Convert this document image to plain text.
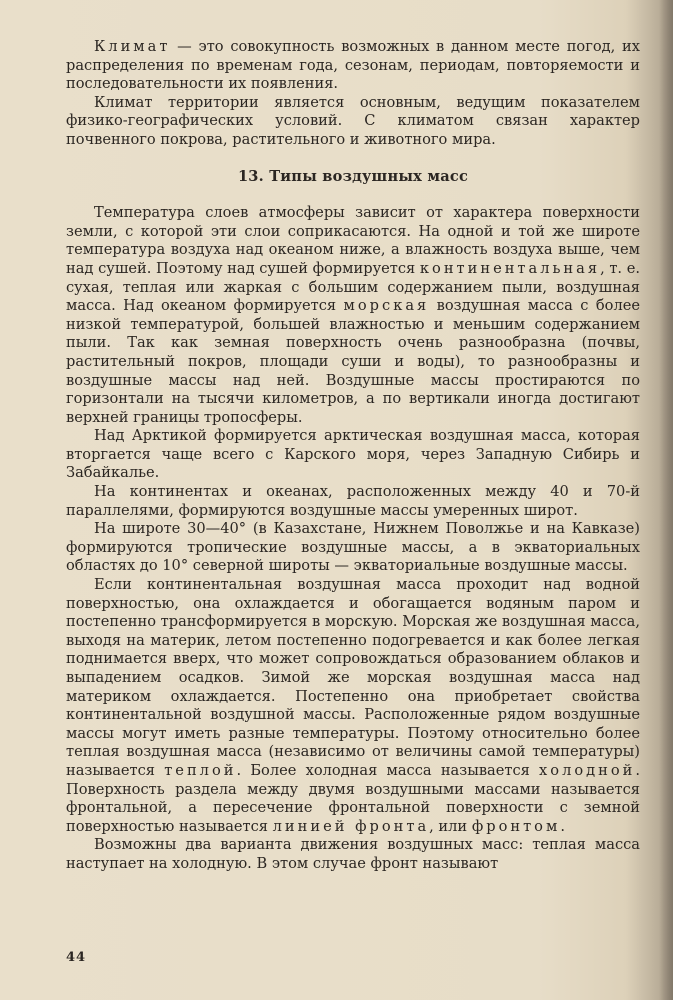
Климат — это совокупность возможных в данном месте погод, их распределения по временам года, сезонам, периодам, повторяемости и последовательности их появления.

Климат территории является основным, ведущим показателем физико-географических условий. С климатом связан характер почвенного покрова, растительного и животного мира.

13. Типы воздушных масс

Температура слоев атмосферы зависит от характера поверхности земли, с которой эти слои соприкасаются. На одной и той же широте температура воздуха над океаном ниже, а влажность воздуха выше, чем над сушей. Поэтому над сушей формируется континентальная, т. е. сухая, теплая или жаркая с большим содержанием пыли, воздушная масса. Над океаном формируется морская воздушная масса с более низкой температурой, большей влажностью и меньшим содержанием пыли. Так как земная поверхность очень разнообразна (почвы, растительный покров, площади суши и воды), то разнообразны и воздушные массы над ней. Воздушные массы простираются по горизонтали на тысячи километров, а по вертикали иногда достигают верхней границы тропосферы.

Над Арктикой формируется арктическая воздушная масса, которая вторгается чаще всего с Карского моря, через Западную Сибирь и Забайкалье.

На континентах и океанах, расположенных между 40 и 70-й параллелями, формируются воздушные массы умеренных широт.

На широте 30—40° (в Казахстане, Нижнем Поволжье и на Кавказе) формируются тропические воздушные массы, а в экваториальных областях до 10° северной широты — экваториальные воздушные массы.

Если континентальная воздушная масса проходит над водной поверхностью, она охлаждается и обогащается водяным паром и постепенно трансформируется в морскую. Морская же воздушная масса, выходя на материк, летом постепенно подогревается и как более легкая поднимается вверх, что может сопровождаться образованием облаков и выпадением осадков. Зимой же морская воздушная масса над материком охлаждается. Постепенно она приобретает свойства континентальной воздушной массы. Расположенные рядом воздушные массы могут иметь разные температуры. Поэтому относительно более теплая воздушная масса (независимо от величины самой температуры) называется теплой. Более холодная масса называется холодной. Поверхность раздела между двумя воздушными массами называется фронтальной, а пересечение фронтальной поверхности с земной поверхностью называется линией фронта, или фронтом.

Возможны два варианта движения воздушных масс: теплая масса наступает на холодную. В этом случае фронт называют

44
